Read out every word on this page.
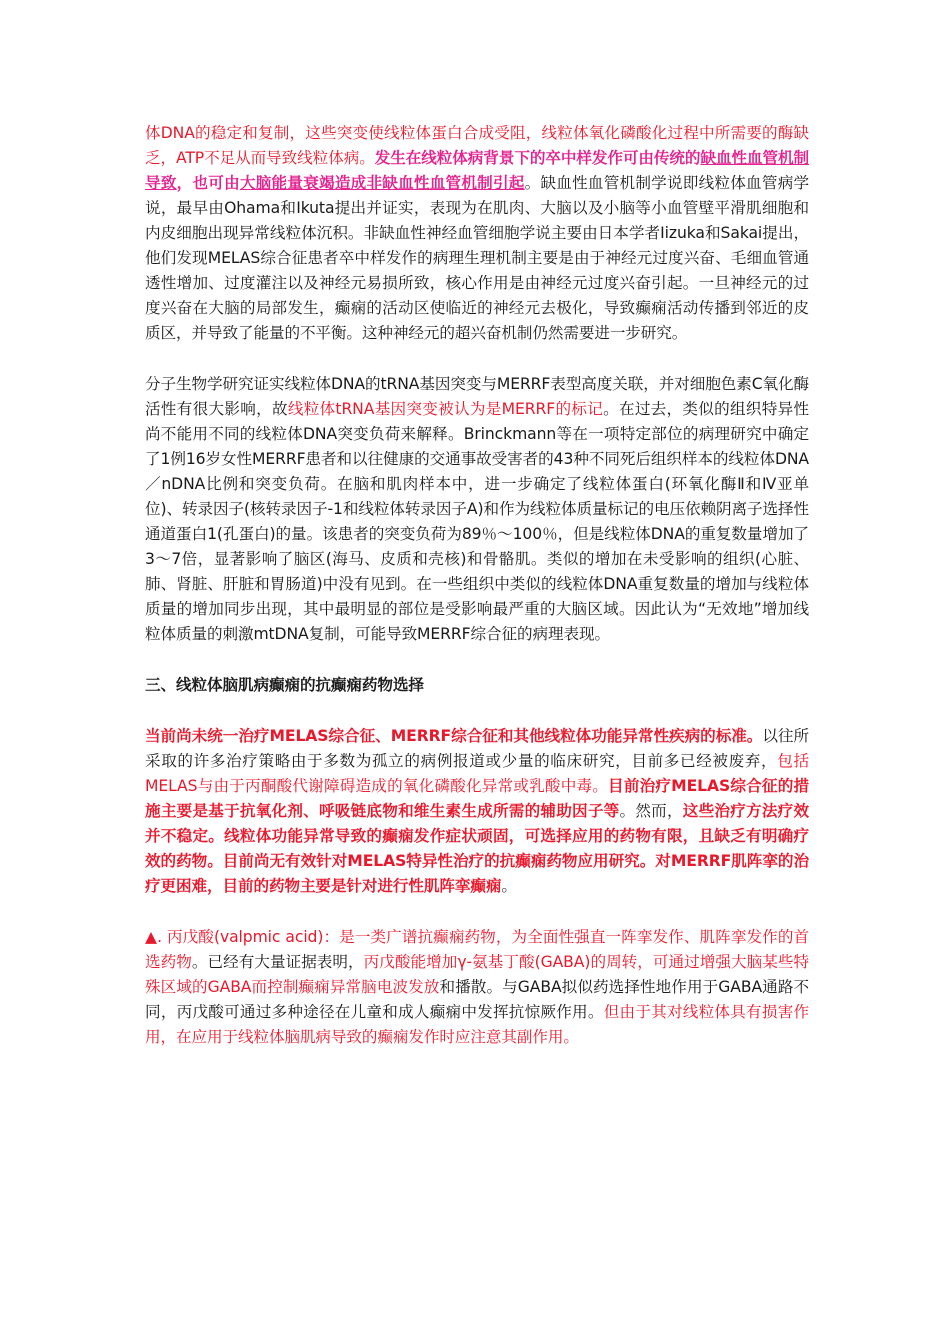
体DNA的稳定和复制，这些突变使线粒体蛋白合成受阻，线粒体氧化磷酸化过程中所需要的酶缺乏，ATP不足从而导致线粒体病。发生在线粒体病背景下的卒中样发作可由传统的缺血性血管机制导致，也可由大脑能量衰竭造成非缺血性血管机制引起。缺血性血管机制学说即线粒体血管病学说，最早由Ohama和Ikuta提出并证实，表现为在肌肉、大脑以及小脑等小血管壁平滑肌细胞和内皮细胞出现异常线粒体沉积。非缺血性神经血管细胞学说主要由日本学者Iizuka和Sakai提出，他们发现MELAS综合征患者卒中样发作的病理生理机制主要是由于神经元过度兴奋、毛细血管通透性增加、过度灌注以及神经元易损所致，核心作用是由神经元过度兴奋引起。一旦神经元的过度兴奋在大脑的局部发生，癫痫的活动区使临近的神经元去极化，导致癫痫活动传播到邻近的皮质区，并导致了能量的不平衡。这种神经元的超兴奋机制仍然需要进一步研究。

分子生物学研究证实线粒体DNA的tRNA基因突变与MERRF表型高度关联，并对细胞色素C氧化酶活性有很大影响，故线粒体tRNA基因突变被认为是MERRF的标记。在过去，类似的组织特异性尚不能用不同的线粒体DNA突变负荷来解释。Brinckmann等在一项特定部位的病理研究中确定了1例16岁女性MERRF患者和以往健康的交通事故受害者的43种不同死后组织样本的线粒体DNA／nDNA比例和突变负荷。在脑和肌肉样本中，进一步确定了线粒体蛋白(环氧化酶Ⅱ和Ⅳ亚单位)、转录因子(核转录因子-1和线粒体转录因子A)和作为线粒体质量标记的电压依赖阴离子选择性通道蛋白1(孔蛋白)的量。该患者的突变负荷为89％～100％，但是线粒体DNA的重复数量增加了3～7倍，显著影响了脑区(海马、皮质和壳核)和骨骼肌。类似的增加在未受影响的组织(心脏、肺、肾脏、肝脏和胃肠道)中没有见到。在一些组织中类似的线粒体DNA重复数量的增加与线粒体质量的增加同步出现，其中最明显的部位是受影响最严重的大脑区域。因此认为“无效地”增加线粒体质量的刺激mtDNA复制，可能导致MERRF综合征的病理表现。

三、线粒体脑肌病癫痫的抗癫痫药物选择

当前尚未统一治疗MELAS综合征、MERRF综合征和其他线粒体功能异常性疾病的标准。以往所采取的许多治疗策略由于多数为孤立的病例报道或少量的临床研究，目前多已经被废弃，包括MELAS与由于丙酮酸代谢障碍造成的氧化磷酸化异常或乳酸中毒。目前治疗MELAS综合征的措施主要是基于抗氧化剂、呼吸链底物和维生素生成所需的辅助因子等。然而，这些治疗方法疗效并不稳定。线粒体功能异常导致的癫痫发作症状顽固，可选择应用的药物有限，且缺乏有明确疗效的药物。目前尚无有效针对MELAS特异性治疗的抗癫痫药物应用研究。对MERRF肌阵挛的治疗更困难，目前的药物主要是针对进行性肌阵挛癫痫。

▲. 丙戊酸(valpmic acid)：是一类广谱抗癫痫药物，为全面性强直一阵挛发作、肌阵挛发作的首选药物。已经有大量证据表明，丙戊酸能增加γ-氨基丁酸(GABA)的周转，可通过增强大脑某些特殊区域的GABA而控制癫痫异常脑电波发放和播散。与GABA拟似药选择性地作用于GABA通路不同，丙戊酸可通过多种途径在儿童和成人癫痫中发挥抗惊厥作用。但由于其对线粒体具有损害作用，在应用于线粒体脑肌病导致的癫痫发作时应注意其副作用。
